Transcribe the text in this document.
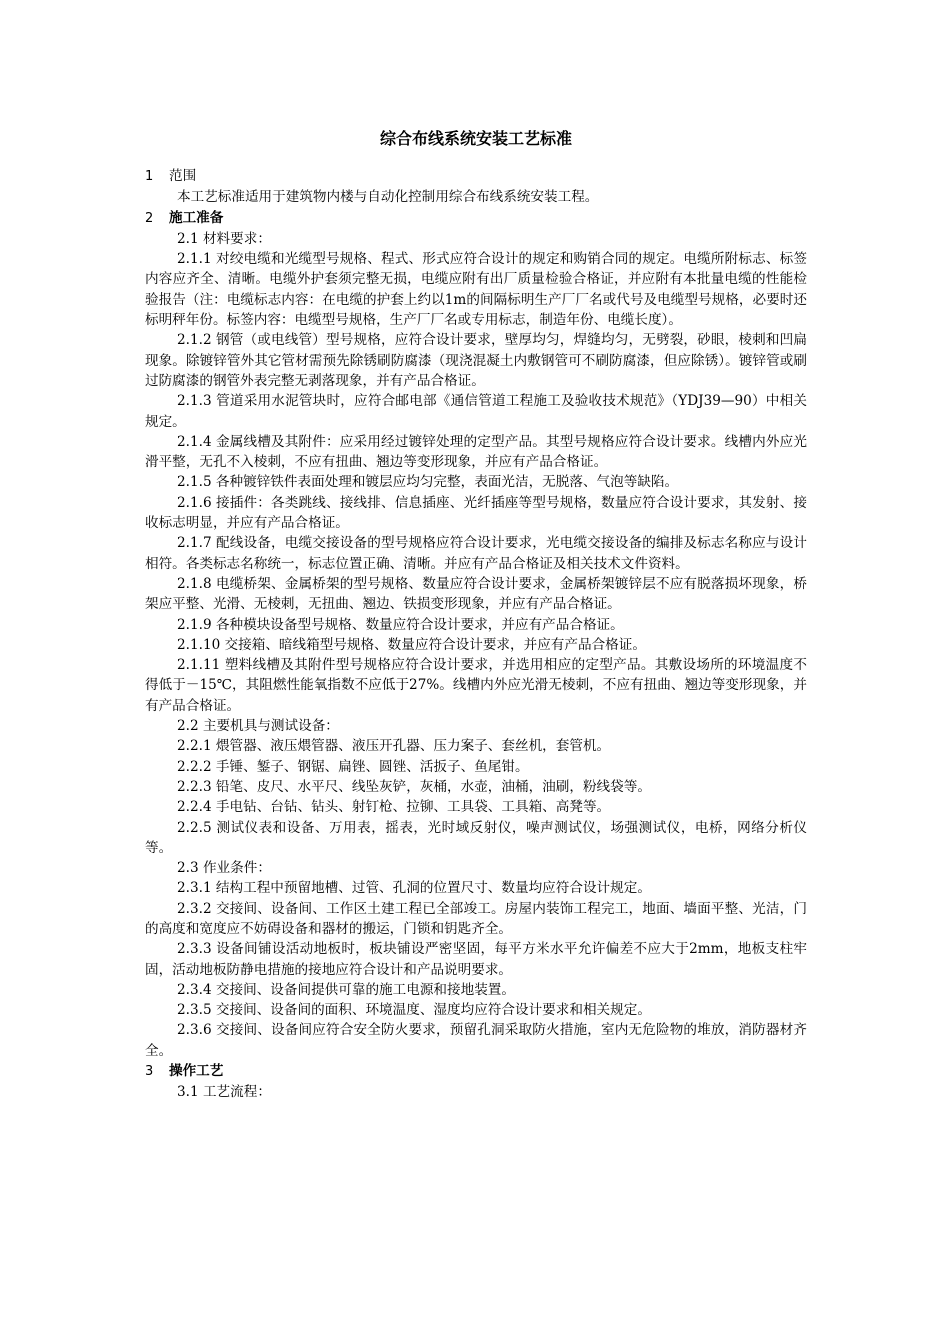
综合布线系统安装工艺标准
1	范围

本工艺标准适用于建筑物内楼与自动化控制用综合布线系统安装工程。

2	施工准备

2.1 材料要求：

2.1.1 对绞电缆和光缆型号规格、程式、形式应符合设计的规定和购销合同的规定。电缆所附标志、标签内容应齐全、清晰。电缆外护套须完整无损，电缆应附有出厂质量检验合格证，并应附有本批量电缆的性能检验报告（注：电缆标志内容：在电缆的护套上约以1m的间隔标明生产厂厂名或代号及电缆型号规格，必要时还标明秤年份。标签内容：电缆型号规格，生产厂厂名或专用标志，制造年份、电缆长度）。

2.1.2 钢管（或电线管）型号规格，应符合设计要求，壁厚均匀，焊缝均匀，无劈裂，砂眼，棱刺和凹扁现象。除镀锌管外其它管材需预先除锈刷防腐漆（现浇混凝土内敷钢管可不刷防腐漆，但应除锈）。镀锌管或刷过防腐漆的钢管外表完整无剥落现象，并有产品合格证。

2.1.3 管道采用水泥管块时，应符合邮电部《通信管道工程施工及验收技术规范》（YDJ39—90）中相关规定。

2.1.4 金属线槽及其附件：应采用经过镀锌处理的定型产品。其型号规格应符合设计要求。线槽内外应光滑平整，无孔不入棱刺，不应有扭曲、翘边等变形现象，并应有产品合格证。

2.1.5 各种镀锌铁件表面处理和镀层应均匀完整，表面光洁，无脱落、气泡等缺陷。

2.1.6 接插件：各类跳线、接线排、信息插座、光纤插座等型号规格，数量应符合设计要求，其发射、接收标志明显，并应有产品合格证。

2.1.7 配线设备，电缆交接设备的型号规格应符合设计要求，光电缆交接设备的编排及标志名称应与设计相符。各类标志名称统一，标志位置正确、清晰。并应有产品合格证及相关技术文件资料。

2.1.8 电缆桥架、金属桥架的型号规格、数量应符合设计要求，金属桥架镀锌层不应有脱落损坏现象，桥架应平整、光滑、无棱刺，无扭曲、翘边、铁损变形现象，并应有产品合格证。

2.1.9 各种模块设备型号规格、数量应符合设计要求，并应有产品合格证。

2.1.10 交接箱、暗线箱型号规格、数量应符合设计要求，并应有产品合格证。

2.1.11 塑料线槽及其附件型号规格应符合设计要求，并选用相应的定型产品。其敷设场所的环境温度不得低于－15℃，其阻燃性能氧指数不应低于27%。线槽内外应光滑无棱刺，不应有扭曲、翘边等变形现象，并有产品合格证。

2.2 主要机具与测试设备：

2.2.1 煨管器、液压煨管器、液压开孔器、压力案子、套丝机，套管机。

2.2.2 手锤、錾子、钢锯、扁锉、圆锉、活扳子、鱼尾钳。

2.2.3 铅笔、皮尺、水平尺、线坠灰铲，灰桶，水壶，油桶，油刷，粉线袋等。

2.2.4 手电钻、台钻、钻头、射钉枪、拉铆、工具袋、工具箱、高凳等。

2.2.5 测试仪表和设备、万用表，摇表，光时域反射仪，噪声测试仪，场强测试仪，电桥，网络分析仪等。

2.3 作业条件：

2.3.1 结构工程中预留地槽、过管、孔洞的位置尺寸、数量均应符合设计规定。

2.3.2 交接间、设备间、工作区土建工程已全部竣工。房屋内装饰工程完工，地面、墙面平整、光洁，门的高度和宽度应不妨碍设备和器材的搬运，门锁和钥匙齐全。

2.3.3 设备间铺设活动地板时，板块铺设严密坚固，每平方米水平允许偏差不应大于2mm，地板支柱牢固，活动地板防静电措施的接地应符合设计和产品说明要求。

2.3.4 交接间、设备间提供可靠的施工电源和接地装置。

2.3.5 交接间、设备间的面积、环境温度、湿度均应符合设计要求和相关规定。

2.3.6 交接间、设备间应符合安全防火要求，预留孔洞采取防火措施，室内无危险物的堆放，消防器材齐全。

3	操作工艺

3.1 工艺流程：
